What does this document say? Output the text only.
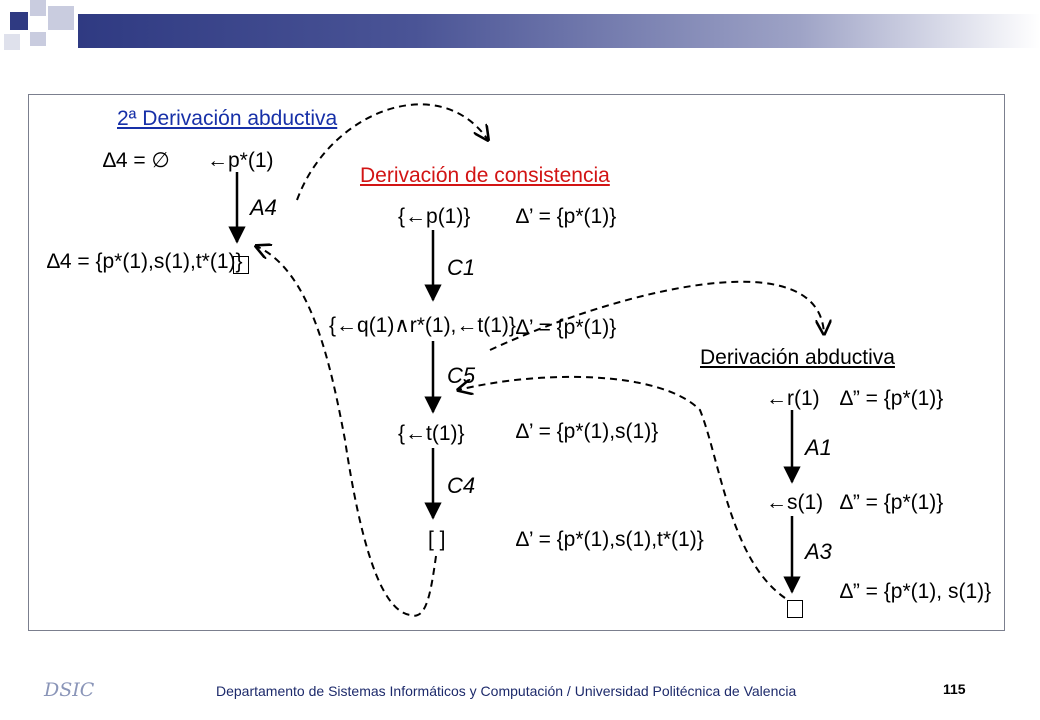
2ª Derivación abductiva
∆4 = ∅ ←p*(1)
A4
∆4 = {p*(1),s(1),t*(1)}
Derivación de consistencia
{←p(1)} ∆’ = {p*(1)}
C1
{←q(1)∧r*(1),←t(1)} ∆’ = {p*(1)}
C5
{←t(1)} ∆’ = {p*(1),s(1)}
C4
[ ]	∆’ = {p*(1),s(1),t*(1)}
Derivación abductiva
←r(1) ∆” = {p*(1)}
A1
←s(1) ∆” = {p*(1)}
A3
∆” = {p*(1), s(1)}
DSIC	Departamento de Sistemas Informáticos y Computación / Universidad Politécnica de Valencia	115
